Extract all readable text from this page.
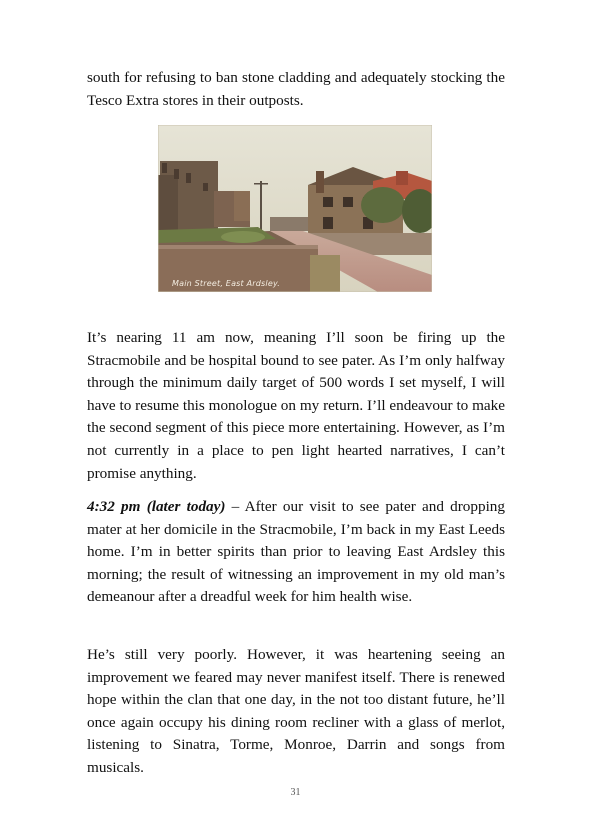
south for refusing to ban stone cladding and adequately stocking the Tesco Extra stores in their outposts.

Main Street, East Ardsley.

It’s nearing 11 am now, meaning I’ll soon be firing up the Stracmobile and be hospital bound to see pater. As I’m only halfway through the minimum daily target of 500 words I set myself, I will have to resume this monologue on my return. I’ll endeavour to make the second segment of this piece more entertaining. However, as I’m not currently in a place to pen light hearted narratives, I can’t promise anything.

4:32 pm (later today) – After our visit to see pater and dropping mater at her domicile in the Stracmobile, I’m back in my East Leeds home. I’m in better spirits than prior to leaving East Ardsley this morning; the result of witnessing an improvement in my old man’s demeanour after a dreadful week for him health wise.

He’s still very poorly. However, it was heartening seeing an improvement we feared may never manifest itself. There is renewed hope within the clan that one day, in the not too distant future, he’ll once again occupy his dining room recliner with a glass of merlot, listening to Sinatra, Torme, Monroe, Darrin and songs from musicals.

31
